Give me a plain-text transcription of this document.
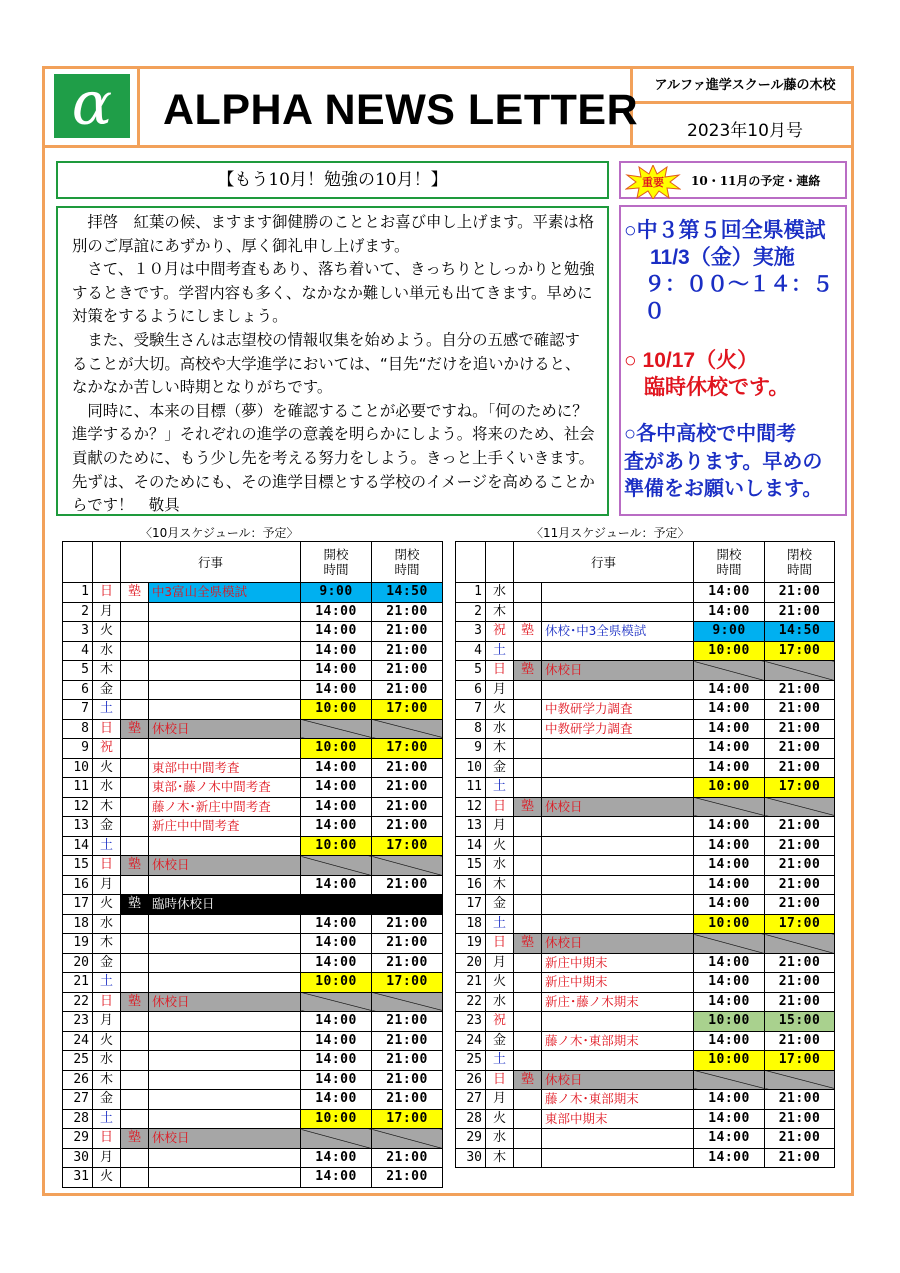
α	ALPHA NEWS LETTER
アルファ進学スクール藤の木校
2023年10月号
【もう10月！勉強の10月！】

拝啓　紅葉の候、ますます御健勝のこととお喜び申し上げます。平素は格別のご厚誼にあずかり、厚く御礼申し上げます。

さて、１０月は中間考査もあり、落ち着いて、きっちりとしっかりと勉強するときです。学習内容も多く、なかなか難しい単元も出てきます。早めに対策をするようにしましょう。

また、受験生さんは志望校の情報収集を始めよう。自分の五感で確認することが大切。高校や大学進学においては、“目先“だけを追いかけると、なかなか苦しい時期となりがちです。

同時に、本来の目標（夢）を確認することが必要ですね。「何のために？進学するか？」それぞれの進学の意義を明らかにしよう。将来のため、社会貢献のために、もう少し先を考える努力をしよう。きっと上手くいきます。先ずは、そのためにも、その進学目標とする学校のイメージを高めることからです！　敬具

重要 10・11月の予定・連絡
○中３第５回全県模試
11/3（金）実施
９：００～１４：５０
○ 10/17（火）
臨時休校です。
○各中高校で中間考
査があります。早めの
準備をお願いします。
〈10月スケジュール：予定〉	〈11月スケジュール：予定〉
		行事		開校
時間	閉校
時間
1	日	塾	中3富山全県模試	9:00	14:50
2	月			14:00	21:00
3	火			14:00	21:00
4	水			14:00	21:00
5	木			14:00	21:00
6	金			14:00	21:00
7	土			10:00	17:00
8	日	塾	休校日		
9	祝			10:00	17:00
10	火		東部中中間考査	14:00	21:00
11	水		東部･藤ノ木中間考査	14:00	21:00
12	木		藤ノ木･新庄中間考査	14:00	21:00
13	金		新庄中中間考査	14:00	21:00
14	土			10:00	17:00
15	日	塾	休校日		
16	月			14:00	21:00
17	火	塾	臨時休校日		
18	水			14:00	21:00
19	木			14:00	21:00
20	金			14:00	21:00
21	土			10:00	17:00
22	日	塾	休校日		
23	月			14:00	21:00
24	火			14:00	21:00
25	水			14:00	21:00
26	木			14:00	21:00
27	金			14:00	21:00
28	土			10:00	17:00
29	日	塾	休校日		
30	月			14:00	21:00
31	火			14:00	21:00
		行事		開校
時間	閉校
時間
1	水			14:00	21:00
2	木			14:00	21:00
3	祝	塾	休校･中3全県模試	9:00	14:50
4	土			10:00	17:00
5	日	塾	休校日		
6	月			14:00	21:00
7	火		中教研学力調査	14:00	21:00
8	水		中教研学力調査	14:00	21:00
9	木			14:00	21:00
10	金			14:00	21:00
11	土			10:00	17:00
12	日	塾	休校日		
13	月			14:00	21:00
14	火			14:00	21:00
15	水			14:00	21:00
16	木			14:00	21:00
17	金			14:00	21:00
18	土			10:00	17:00
19	日	塾	休校日		
20	月		新庄中期末	14:00	21:00
21	火		新庄中期末	14:00	21:00
22	水		新庄･藤ノ木期末	14:00	21:00
23	祝			10:00	15:00
24	金		藤ノ木･東部期末	14:00	21:00
25	土			10:00	17:00
26	日	塾	休校日		
27	月		藤ノ木･東部期末	14:00	21:00
28	火		東部中期末	14:00	21:00
29	水			14:00	21:00
30	木			14:00	21:00
